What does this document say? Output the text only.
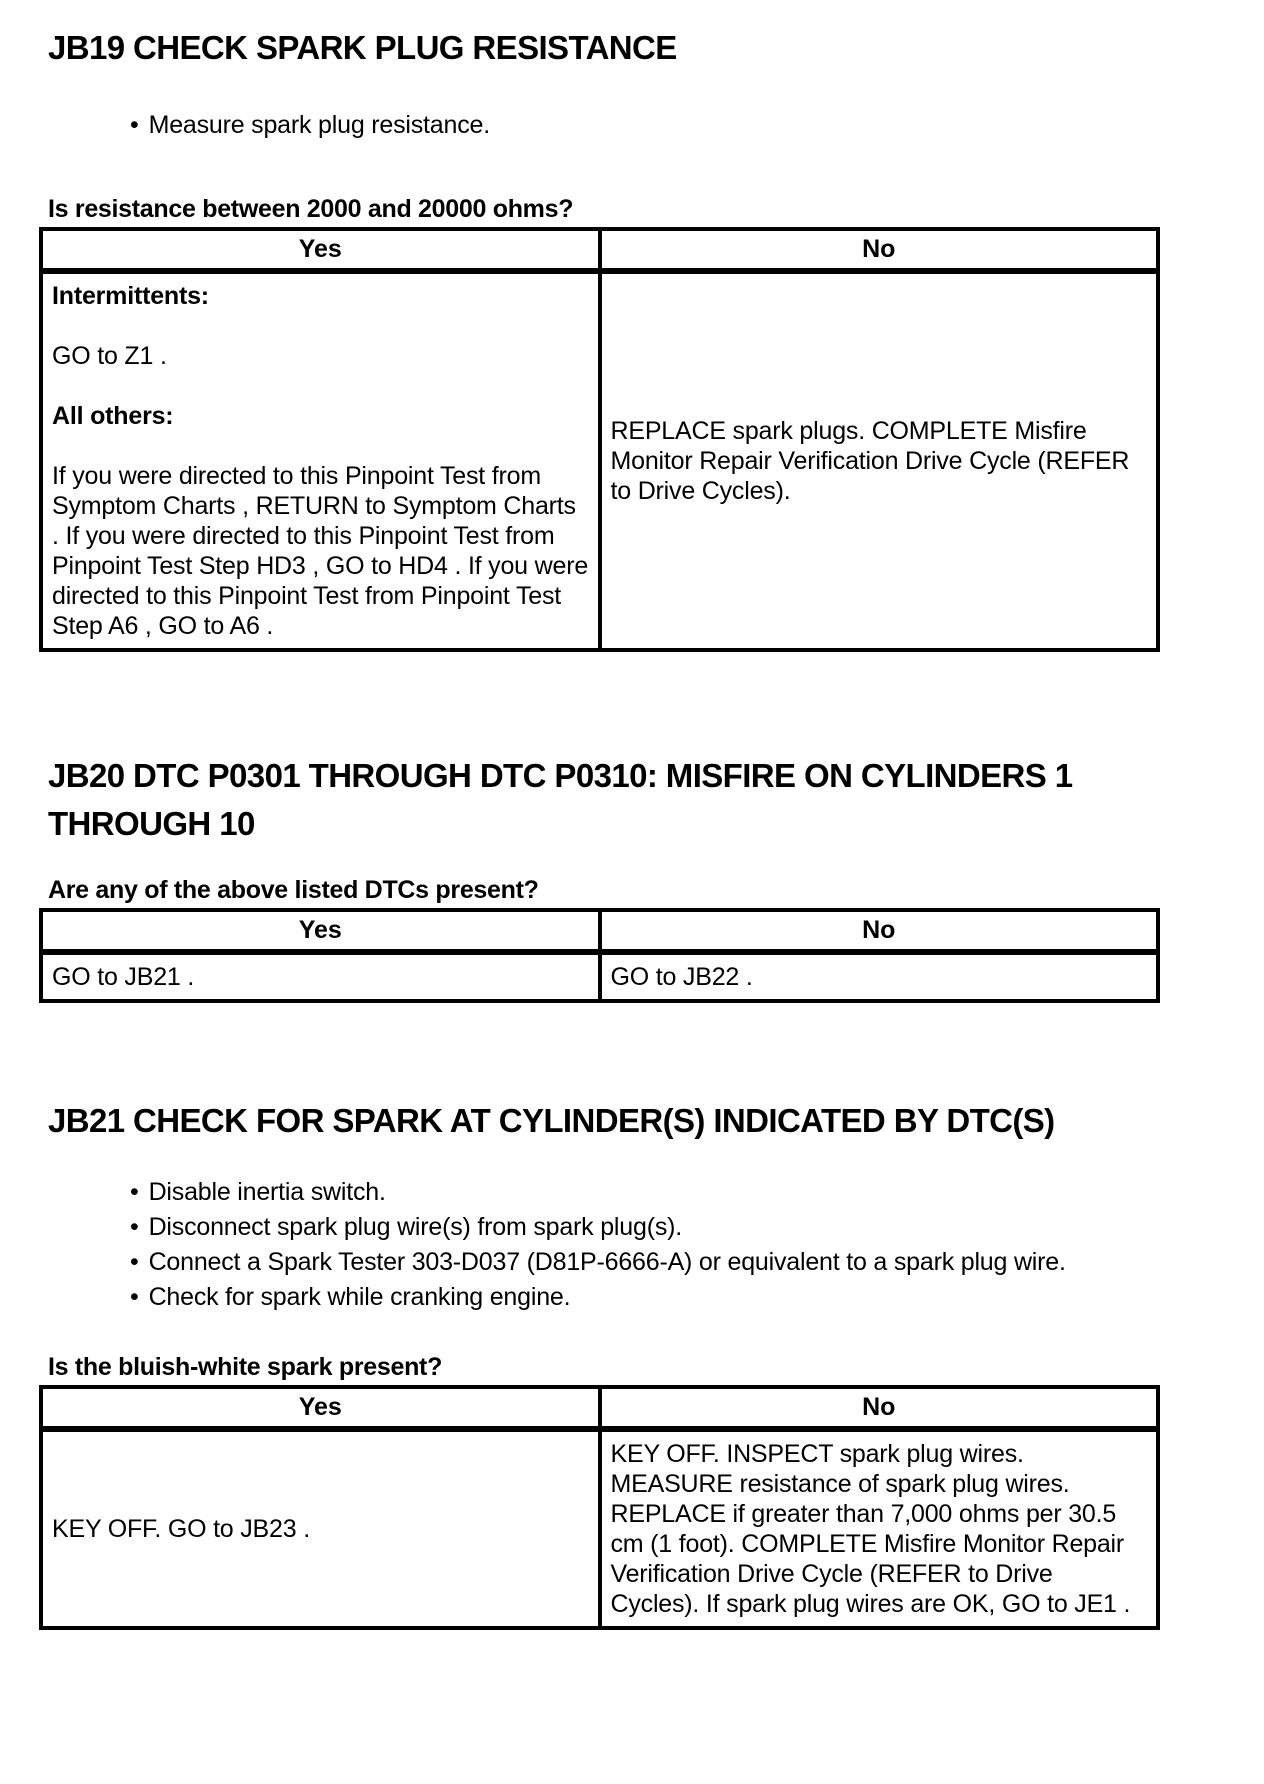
JB19 CHECK SPARK PLUG RESISTANCE
• Measure spark plug resistance.

Is resistance between 2000 and 20000 ohms?

Yes	No

Intermittents:

GO to Z1 .

All others:

If you were directed to this Pinpoint Test from Symptom Charts , RETURN to Symptom Charts . If you were directed to this Pinpoint Test from Pinpoint Test Step HD3 , GO to HD4 . If you were directed to this Pinpoint Test from Pinpoint Test Step A6 , GO to A6 .	REPLACE spark plugs. COMPLETE Misfire Monitor Repair Verification Drive Cycle (REFER to Drive Cycles).

JB20 DTC P0301 THROUGH DTC P0310: MISFIRE ON CYLINDERS 1 THROUGH 10

Are any of the above listed DTCs present?

Yes	No

GO to JB21 .	GO to JB22 .

JB21 CHECK FOR SPARK AT CYLINDER(S) INDICATED BY DTC(S)
• Disable inertia switch.
• Disconnect spark plug wire(s) from spark plug(s).
• Connect a Spark Tester 303-D037 (D81P-6666-A) or equivalent to a spark plug wire.
• Check for spark while cranking engine.

Is the bluish-white spark present?

Yes	No

KEY OFF. GO to JB23 .	KEY OFF. INSPECT spark plug wires. MEASURE resistance of spark plug wires. REPLACE if greater than 7,000 ohms per 30.5 cm (1 foot). COMPLETE Misfire Monitor Repair Verification Drive Cycle (REFER to Drive Cycles). If spark plug wires are OK, GO to JE1 .
